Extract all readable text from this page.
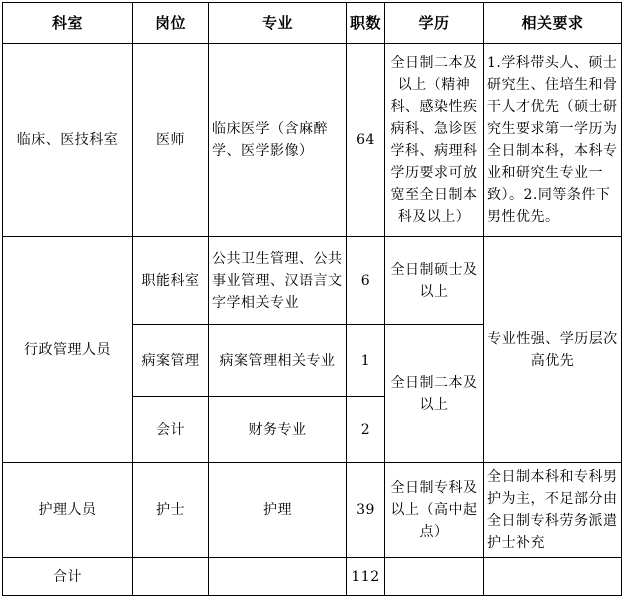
科室	岗位	专业	职数	学历	相关要求
临床、医技科室	医师	临床医学（含麻醉学、医学影像）	64	全日制二本及以上（精神科、感染性疾病科、急诊医学科、病理科学历要求可放宽至全日制本科及以上）	1.学科带头人、硕士研究生、住培生和骨干人才优先（硕士研究生要求第一学历为全日制本科，本科专业和研究生专业一致）。2.同等条件下男性优先。
行政管理人员	职能科室	公共卫生管理、公共事业管理、汉语言文字学相关专业	6	全日制硕士及以上	专业性强、学历层次高优先
	病案管理	病案管理相关专业	1	全日制二本及以上	
	会计	财务专业	2		
护理人员	护士	护理	39	全日制专科及以上（高中起点）	全日制本科和专科男护为主，不足部分由全日制专科劳务派遣护士补充
合计			112		
